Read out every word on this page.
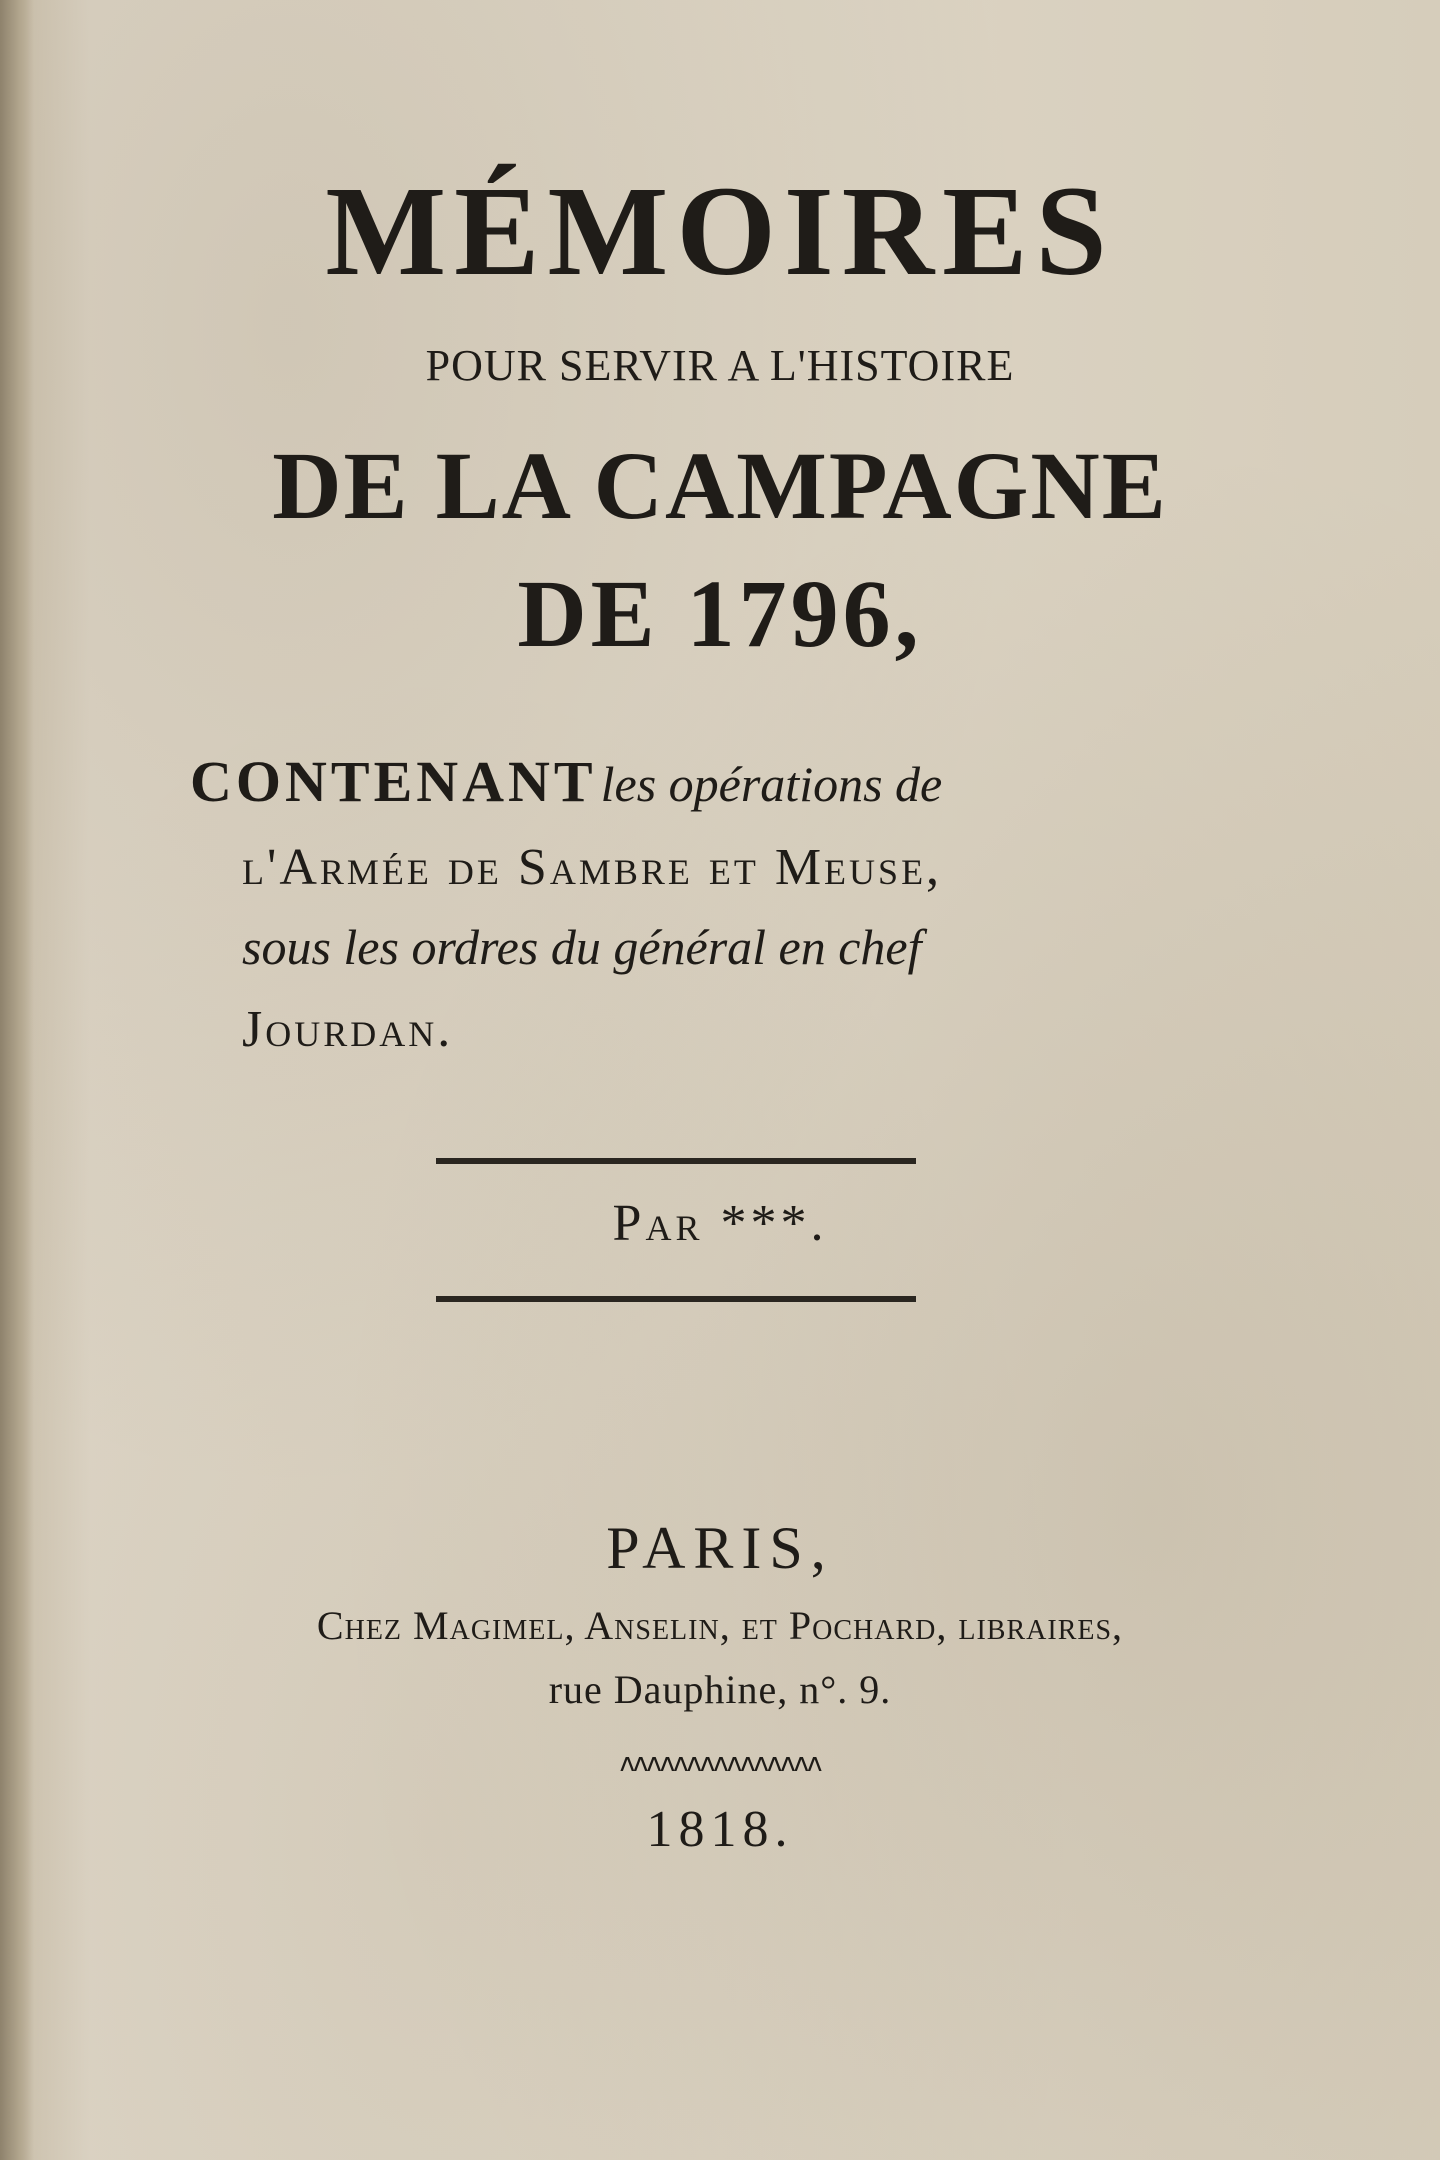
MÉMOIRES
POUR SERVIR A L'HISTOIRE
DE LA CAMPAGNE
DE 1796,
CONTENANT les opérations de
l'Armée de Sambre et Meuse,
sous les ordres du général en chef
Jourdan.
Par ***.
PARIS,
Chez Magimel, Anselin, et Pochard, libraires,
rue Dauphine, n°. 9.
ʌʌʌʌʌʌʌʌʌʌʌʌʌʌʌ
1818.
